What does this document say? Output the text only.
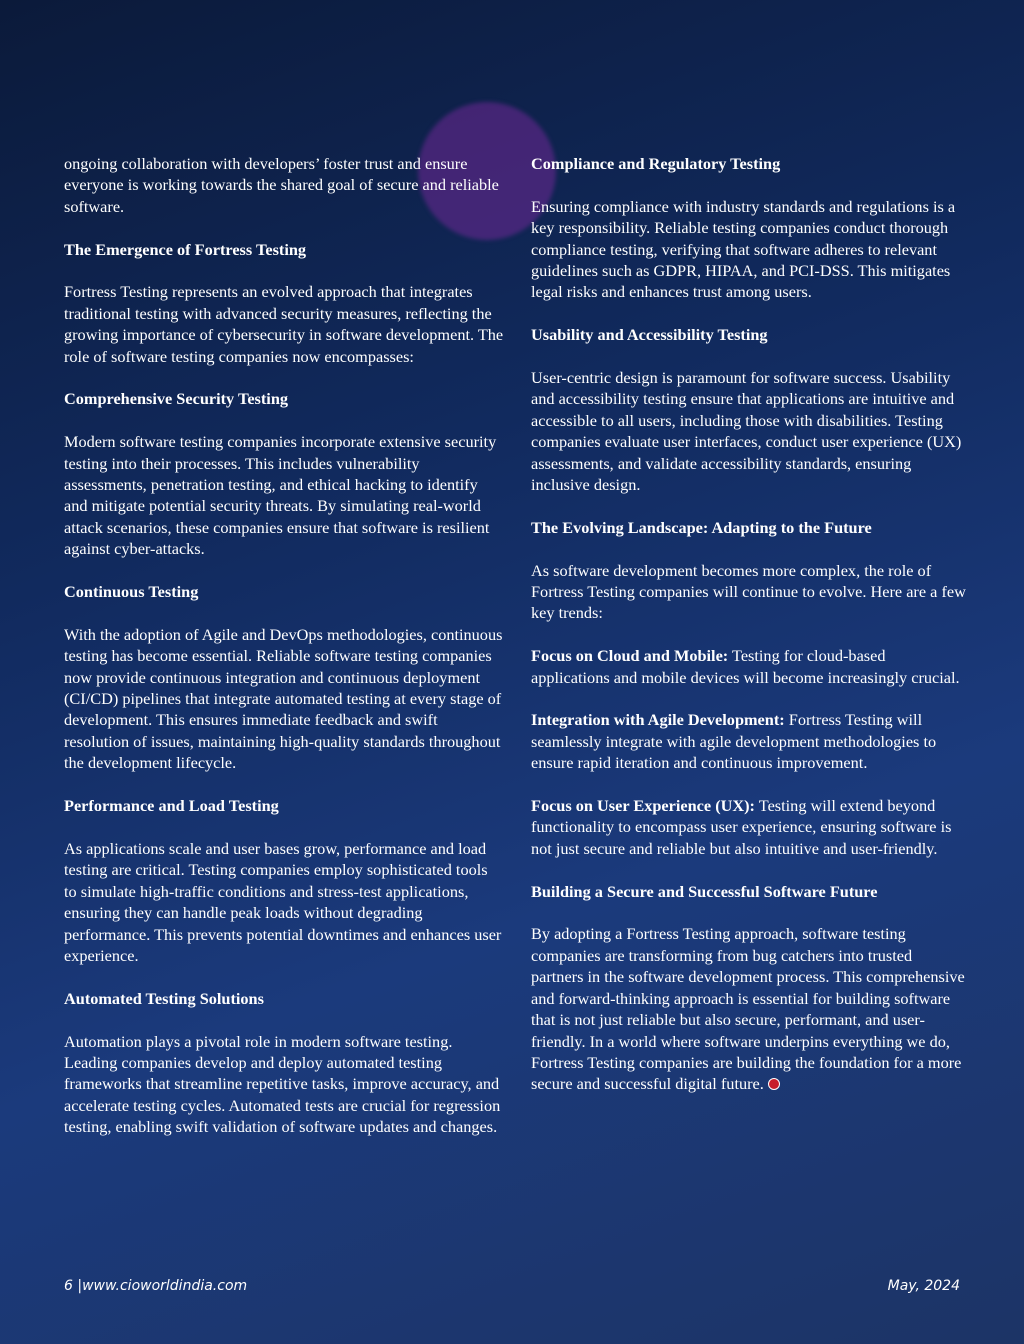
ongoing collaboration with developers’ foster trust and ensure everyone is working towards the shared goal of secure and reliable software.

The Emergence of Fortress Testing

Fortress Testing represents an evolved approach that integrates traditional testing with advanced security measures, reflecting the growing importance of cybersecurity in software development. The role of software testing companies now encompasses:

Comprehensive Security Testing

Modern software testing companies incorporate extensive security testing into their processes. This includes vulnerability assessments, penetration testing, and ethical hacking to identify and mitigate potential security threats. By simulating real-world attack scenarios, these companies ensure that software is resilient against cyber-attacks.

Continuous Testing

With the adoption of Agile and DevOps methodologies, continuous testing has become essential. Reliable software testing companies now provide continuous integration and continuous deployment (CI/CD) pipelines that integrate automated testing at every stage of development. This ensures immediate feedback and swift resolution of issues, maintaining high-quality standards throughout the development lifecycle.

Performance and Load Testing

As applications scale and user bases grow, performance and load testing are critical. Testing companies employ sophisticated tools to simulate high-traffic conditions and stress-test applications, ensuring they can handle peak loads without degrading performance. This prevents potential downtimes and enhances user experience.

Automated Testing Solutions

Automation plays a pivotal role in modern software testing. Leading companies develop and deploy automated testing frameworks that streamline repetitive tasks, improve accuracy, and accelerate testing cycles. Automated tests are crucial for regression testing, enabling swift validation of software updates and changes.

Compliance and Regulatory Testing

Ensuring compliance with industry standards and regulations is a key responsibility. Reliable testing companies conduct thorough compliance testing, verifying that software adheres to relevant guidelines such as GDPR, HIPAA, and PCI-DSS. This mitigates legal risks and enhances trust among users.

Usability and Accessibility Testing

User-centric design is paramount for software success. Usability and accessibility testing ensure that applications are intuitive and accessible to all users, including those with disabilities. Testing companies evaluate user interfaces, conduct user experience (UX) assessments, and validate accessibility standards, ensuring inclusive design.

The Evolving Landscape: Adapting to the Future

As software development becomes more complex, the role of Fortress Testing companies will continue to evolve. Here are a few key trends:

Focus on Cloud and Mobile: Testing for cloud-based applications and mobile devices will become increasingly crucial.

Integration with Agile Development: Fortress Testing will seamlessly integrate with agile development methodologies to ensure rapid iteration and continuous improvement.

Focus on User Experience (UX): Testing will extend beyond functionality to encompass user experience, ensuring software is not just secure and reliable but also intuitive and user-friendly.

Building a Secure and Successful Software Future

By adopting a Fortress Testing approach, software testing companies are transforming from bug catchers into trusted partners in the software development process. This comprehensive and forward-thinking approach is essential for building software that is not just reliable but also secure, performant, and user-friendly. In a world where software underpins everything we do, Fortress Testing companies are building the foundation for a more secure and successful digital future.

6 |www.cioworldindia.com	May, 2024
